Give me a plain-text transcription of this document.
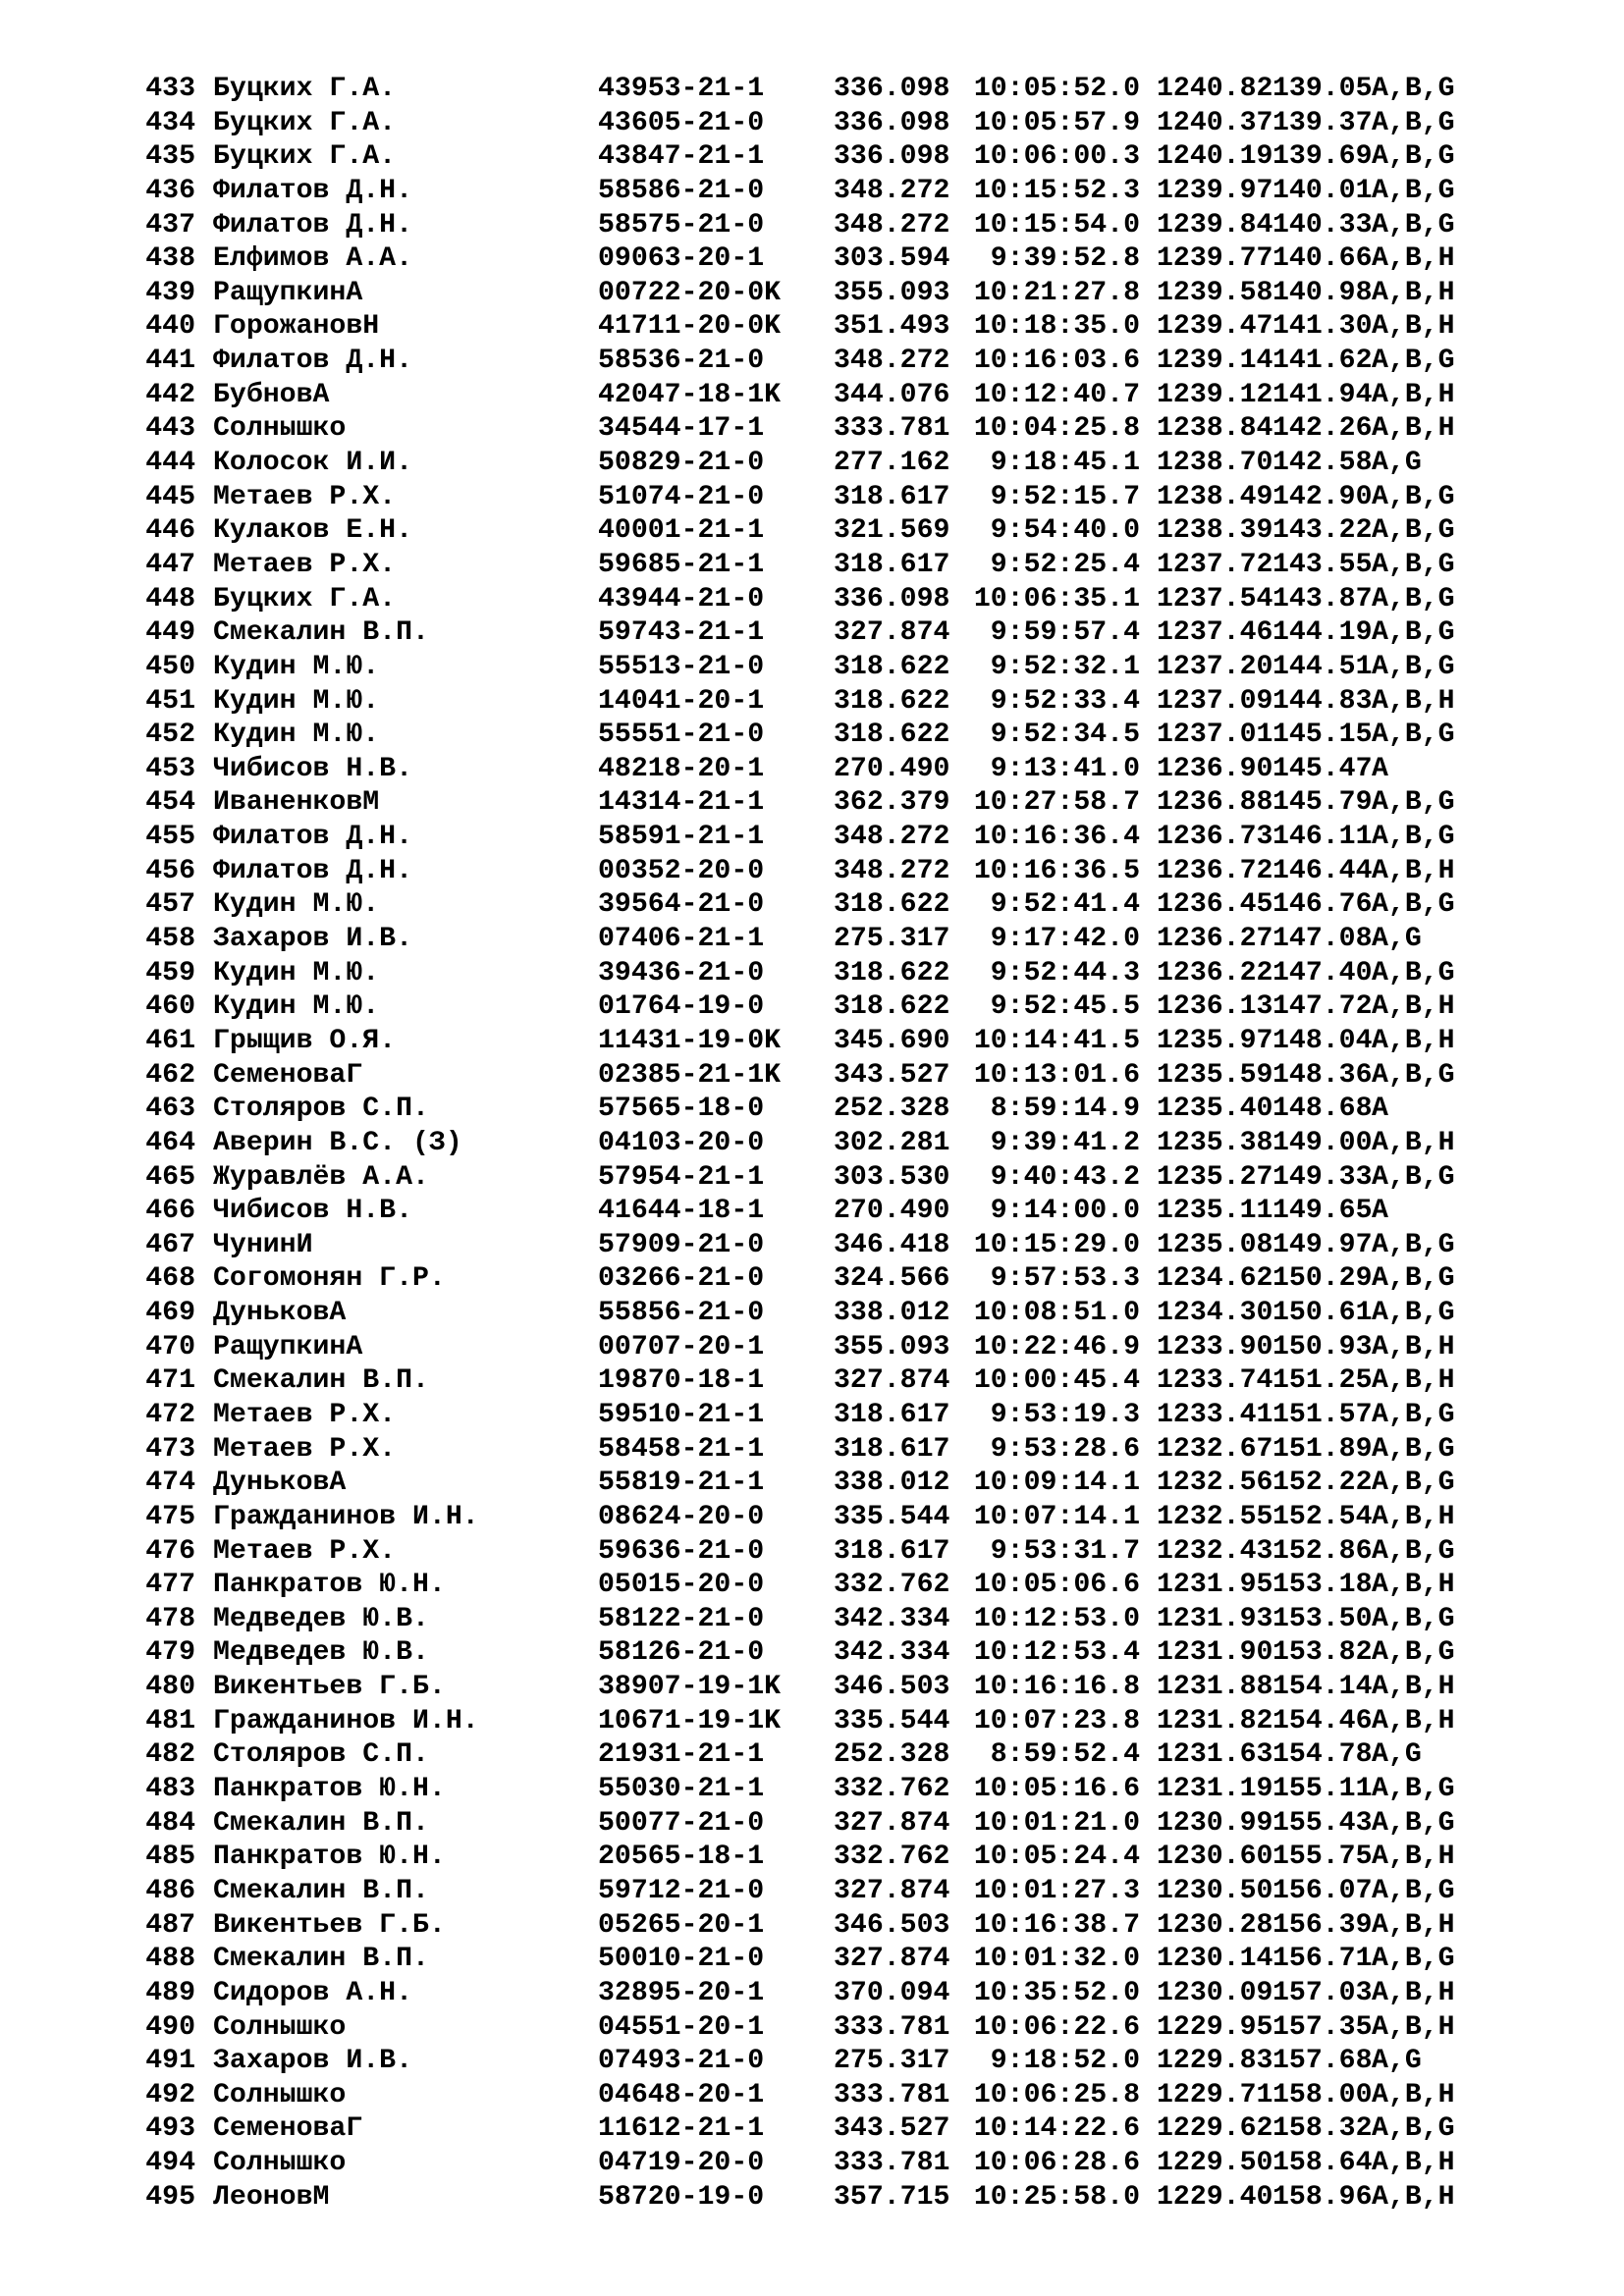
433 Буцких Г.А.	43953-21-1	336.098 10:05:52.0 1240.82 139.05 A,B,G
434 Буцких Г.А.	43605-21-0	336.098 10:05:57.9 1240.37 139.37 A,B,G
435 Буцких Г.А.	43847-21-1	336.098 10:06:00.3 1240.19 139.69 A,B,G
436 Филатов Д.Н.	58586-21-0	348.272 10:15:52.3 1239.97 140.01 A,B,G
437 Филатов Д.Н.	58575-21-0	348.272 10:15:54.0 1239.84 140.33 A,B,G
438 Елфимов А.А.	09063-20-1	303.594	9:39:52.8 1239.77 140.66 A,B,H
439 РащупкинА	00722-20-0K 355.093 10:21:27.8 1239.58 140.98 A,B,H
440 ГорожановН	41711-20-0K 351.493 10:18:35.0 1239.47 141.30 A,B,H
441 Филатов Д.Н.	58536-21-0	348.272 10:16:03.6 1239.14 141.62 A,B,G
442 БубновА	42047-18-1K 344.076 10:12:40.7 1239.12 141.94 A,B,H
443 Солнышко	34544-17-1	333.781 10:04:25.8 1238.84 142.26 A,B,H
444 Колосок И.И.	50829-21-0	277.162	9:18:45.1 1238.70 142.58 A,G
445 Метаев Р.Х.	51074-21-0	318.617	9:52:15.7 1238.49 142.90 A,B,G
446 Кулаков Е.Н.	40001-21-1	321.569	9:54:40.0 1238.39 143.22 A,B,G
447 Метаев Р.Х.	59685-21-1	318.617	9:52:25.4 1237.72 143.55 A,B,G
448 Буцких Г.А.	43944-21-0	336.098 10:06:35.1 1237.54 143.87 A,B,G
449 Смекалин В.П.	59743-21-1	327.874	9:59:57.4 1237.46 144.19 A,B,G
450 Кудин М.Ю.	55513-21-0	318.622	9:52:32.1 1237.20 144.51 A,B,G
451 Кудин М.Ю.	14041-20-1	318.622	9:52:33.4 1237.09 144.83 A,B,H
452 Кудин М.Ю.	55551-21-0	318.622	9:52:34.5 1237.01 145.15 A,B,G
453 Чибисов Н.В.	48218-20-1	270.490	9:13:41.0 1236.90 145.47 A
454 ИваненковМ	14314-21-1	362.379 10:27:58.7 1236.88 145.79 A,B,G
455 Филатов Д.Н.	58591-21-1	348.272 10:16:36.4 1236.73 146.11 A,B,G
456 Филатов Д.Н.	00352-20-0	348.272 10:16:36.5 1236.72 146.44 A,B,H
457 Кудин М.Ю.	39564-21-0	318.622	9:52:41.4 1236.45 146.76 A,B,G
458 Захаров И.В.	07406-21-1	275.317	9:17:42.0 1236.27 147.08 A,G
459 Кудин М.Ю.	39436-21-0	318.622	9:52:44.3 1236.22 147.40 A,B,G
460 Кудин М.Ю.	01764-19-0	318.622	9:52:45.5 1236.13 147.72 A,B,H
461 Грыщив О.Я.	11431-19-0K 345.690 10:14:41.5 1235.97 148.04 A,B,H
462 СеменоваГ	02385-21-1K 343.527 10:13:01.6 1235.59 148.36 A,B,G
463 Столяров С.П.	57565-18-0	252.328	8:59:14.9 1235.40 148.68 A
464 Аверин В.С. (З)	04103-20-0	302.281	9:39:41.2 1235.38 149.00 A,B,H
465 Журавлёв А.А.	57954-21-1	303.530	9:40:43.2 1235.27 149.33 A,B,G
466 Чибисов Н.В.	41644-18-1	270.490	9:14:00.0 1235.11 149.65 A
467 ЧунинИ	57909-21-0	346.418 10:15:29.0 1235.08 149.97 A,B,G
468 Согомонян Г.Р.	03266-21-0	324.566	9:57:53.3 1234.62 150.29 A,B,G
469 ДуньковА	55856-21-0	338.012 10:08:51.0 1234.30 150.61 A,B,G
470 РащупкинА	00707-20-1	355.093 10:22:46.9 1233.90 150.93 A,B,H
471 Смекалин В.П.	19870-18-1	327.874 10:00:45.4 1233.74 151.25 A,B,H
472 Метаев Р.Х.	59510-21-1	318.617	9:53:19.3 1233.41 151.57 A,B,G
473 Метаев Р.Х.	58458-21-1	318.617	9:53:28.6 1232.67 151.89 A,B,G
474 ДуньковА	55819-21-1	338.012 10:09:14.1 1232.56 152.22 A,B,G
475 Гражданинов И.Н.	08624-20-0	335.544 10:07:14.1 1232.55 152.54 A,B,H
476 Метаев Р.Х.	59636-21-0	318.617	9:53:31.7 1232.43 152.86 A,B,G
477 Панкратов Ю.Н.	05015-20-0	332.762 10:05:06.6 1231.95 153.18 A,B,H
478 Медведев Ю.В.	58122-21-0	342.334 10:12:53.0 1231.93 153.50 A,B,G
479 Медведев Ю.В.	58126-21-0	342.334 10:12:53.4 1231.90 153.82 A,B,G
480 Викентьев Г.Б.	38907-19-1K 346.503 10:16:16.8 1231.88 154.14 A,B,H
481 Гражданинов И.Н.	10671-19-1K 335.544 10:07:23.8 1231.82 154.46 A,B,H
482 Столяров С.П.	21931-21-1	252.328	8:59:52.4 1231.63 154.78 A,G
483 Панкратов Ю.Н.	55030-21-1	332.762 10:05:16.6 1231.19 155.11 A,B,G
484 Смекалин В.П.	50077-21-0	327.874 10:01:21.0 1230.99 155.43 A,B,G
485 Панкратов Ю.Н.	20565-18-1	332.762 10:05:24.4 1230.60 155.75 A,B,H
486 Смекалин В.П.	59712-21-0	327.874 10:01:27.3 1230.50 156.07 A,B,G
487 Викентьев Г.Б.	05265-20-1	346.503 10:16:38.7 1230.28 156.39 A,B,H
488 Смекалин В.П.	50010-21-0	327.874 10:01:32.0 1230.14 156.71 A,B,G
489 Сидоров А.Н.	32895-20-1	370.094 10:35:52.0 1230.09 157.03 A,B,H
490 Солнышко	04551-20-1	333.781 10:06:22.6 1229.95 157.35 A,B,H
491 Захаров И.В.	07493-21-0	275.317	9:18:52.0 1229.83 157.68 A,G
492 Солнышко	04648-20-1	333.781 10:06:25.8 1229.71 158.00 A,B,H
493 СеменоваГ	11612-21-1	343.527 10:14:22.6 1229.62 158.32 A,B,G
494 Солнышко	04719-20-0	333.781 10:06:28.6 1229.50 158.64 A,B,H
495 ЛеоновМ	58720-19-0	357.715 10:25:58.0 1229.40 158.96 A,B,H
